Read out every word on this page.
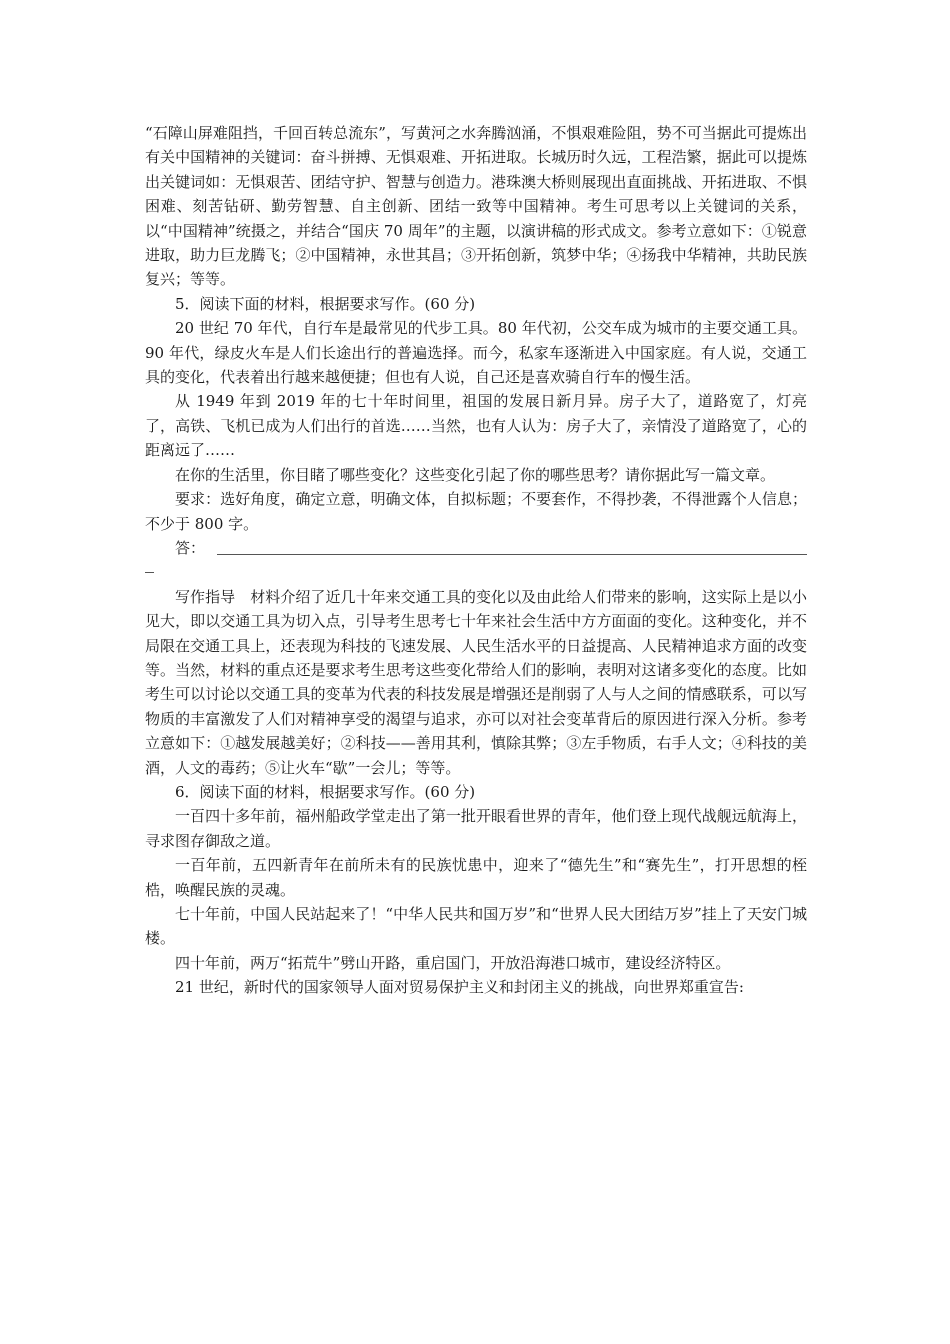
“石障山屏难阻挡，千回百转总流东”，写黄河之水奔腾汹涌，不惧艰难险阻，势不可当据此可提炼出有关中国精神的关键词：奋斗拼搏、无惧艰难、开拓进取。长城历时久远，工程浩繁，据此可以提炼出关键词如：无惧艰苦、团结守护、智慧与创造力。港珠澳大桥则展现出直面挑战、开拓进取、不惧困难、刻苦钻研、勤劳智慧、自主创新、团结一致等中国精神。考生可思考以上关键词的关系，以“中国精神”统摄之，并结合“国庆 70 周年”的主题，以演讲稿的形式成文。参考立意如下：①锐意进取，助力巨龙腾飞；②中国精神，永世其昌；③开拓创新，筑梦中华；④扬我中华精神，共助民族复兴；等等。

5．阅读下面的材料，根据要求写作。(60 分)

20 世纪 70 年代，自行车是最常见的代步工具。80 年代初，公交车成为城市的主要交通工具。90 年代，绿皮火车是人们长途出行的普遍选择。而今，私家车逐渐进入中国家庭。有人说，交通工具的变化，代表着出行越来越便捷；但也有人说，自己还是喜欢骑自行车的慢生活。

从 1949 年到 2019 年的七十年时间里，祖国的发展日新月异。房子大了，道路宽了，灯亮了，高铁、飞机已成为人们出行的首选……当然，也有人认为：房子大了，亲情没了道路宽了，心的距离远了……

在你的生活里，你目睹了哪些变化？这些变化引起了你的哪些思考？请你据此写一篇文章。

要求：选好角度，确定立意，明确文体，自拟标题；不要套作，不得抄袭，不得泄露个人信息；不少于 800 字。

答：

写作指导　材料介绍了近几十年来交通工具的变化以及由此给人们带来的影响，这实际上是以小见大，即以交通工具为切入点，引导考生思考七十年来社会生活中方方面面的变化。这种变化，并不局限在交通工具上，还表现为科技的飞速发展、人民生活水平的日益提高、人民精神追求方面的改变等。当然，材料的重点还是要求考生思考这些变化带给人们的影响，表明对这诸多变化的态度。比如考生可以讨论以交通工具的变革为代表的科技发展是增强还是削弱了人与人之间的情感联系，可以写物质的丰富激发了人们对精神享受的渴望与追求，亦可以对社会变革背后的原因进行深入分析。参考立意如下：①越发展越美好；②科技——善用其利，慎除其弊；③左手物质，右手人文；④科技的美酒，人文的毒药；⑤让火车“歇”一会儿；等等。

6．阅读下面的材料，根据要求写作。(60 分)

一百四十多年前，福州船政学堂走出了第一批开眼看世界的青年，他们登上现代战舰远航海上，寻求图存御敌之道。

一百年前，五四新青年在前所未有的民族忧患中，迎来了“德先生”和“赛先生”，打开思想的桎梏，唤醒民族的灵魂。

七十年前，中国人民站起来了！“中华人民共和国万岁”和“世界人民大团结万岁”挂上了天安门城楼。

四十年前，两万“拓荒牛”劈山开路，重启国门，开放沿海港口城市，建设经济特区。

21 世纪，新时代的国家领导人面对贸易保护主义和封闭主义的挑战，向世界郑重宣告:
